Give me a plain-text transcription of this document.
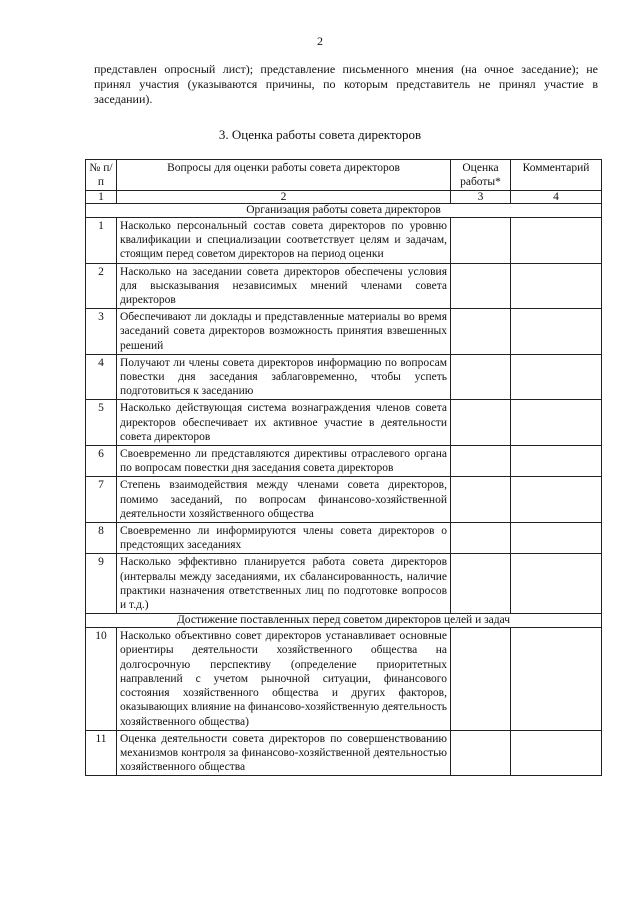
2
представлен опросный лист); представление письменного мнения (на очное заседание); не принял участия (указываются причины, по которым представитель не принял участие в заседании).
3. Оценка работы совета директоров
№ п/п	Вопросы для оценки работы совета директоров	Оценка работы*	Комментарий
1	2	3	4
Организация работы совета директоров			
1	Насколько персональный состав совета директоров по уровню квалификации и специализации соответствует целям и задачам, стоящим перед советом директоров на период оценки		
2	Насколько на заседании совета директоров обеспечены условия для высказывания независимых мнений членами совета директоров		
3	Обеспечивают ли доклады и представленные материалы во время заседаний совета директоров возможность принятия взвешенных решений		
4	Получают ли члены совета директоров информацию по вопросам повестки дня заседания заблаговременно, чтобы успеть подготовиться к заседанию		
5	Насколько действующая система вознаграждения членов совета директоров обеспечивает их активное участие в деятельности совета директоров		
6	Своевременно ли представляются директивы отраслевого органа по вопросам повестки дня заседания совета директоров		
7	Степень взаимодействия между членами совета директоров, помимо заседаний, по вопросам финансово-хозяйственной деятельности хозяйственного общества		
8	Своевременно ли информируются члены совета директоров о предстоящих заседаниях		
9	Насколько эффективно планируется работа совета директоров (интервалы между заседаниями, их сбалансированность, наличие практики назначения ответственных лиц по подготовке вопросов и т.д.)		
Достижение поставленных перед советом директоров целей и задач			
10	Насколько объективно совет директоров устанавливает основные ориентиры деятельности хозяйственного общества на долгосрочную перспективу (определение приоритетных направлений с учетом рыночной ситуации, финансового состояния хозяйственного общества и других факторов, оказывающих влияние на финансово-хозяйственную деятельность хозяйственного общества)		
11	Оценка деятельности совета директоров по совершенствованию механизмов контроля за финансово-хозяйственной деятельностью хозяйственного общества		
